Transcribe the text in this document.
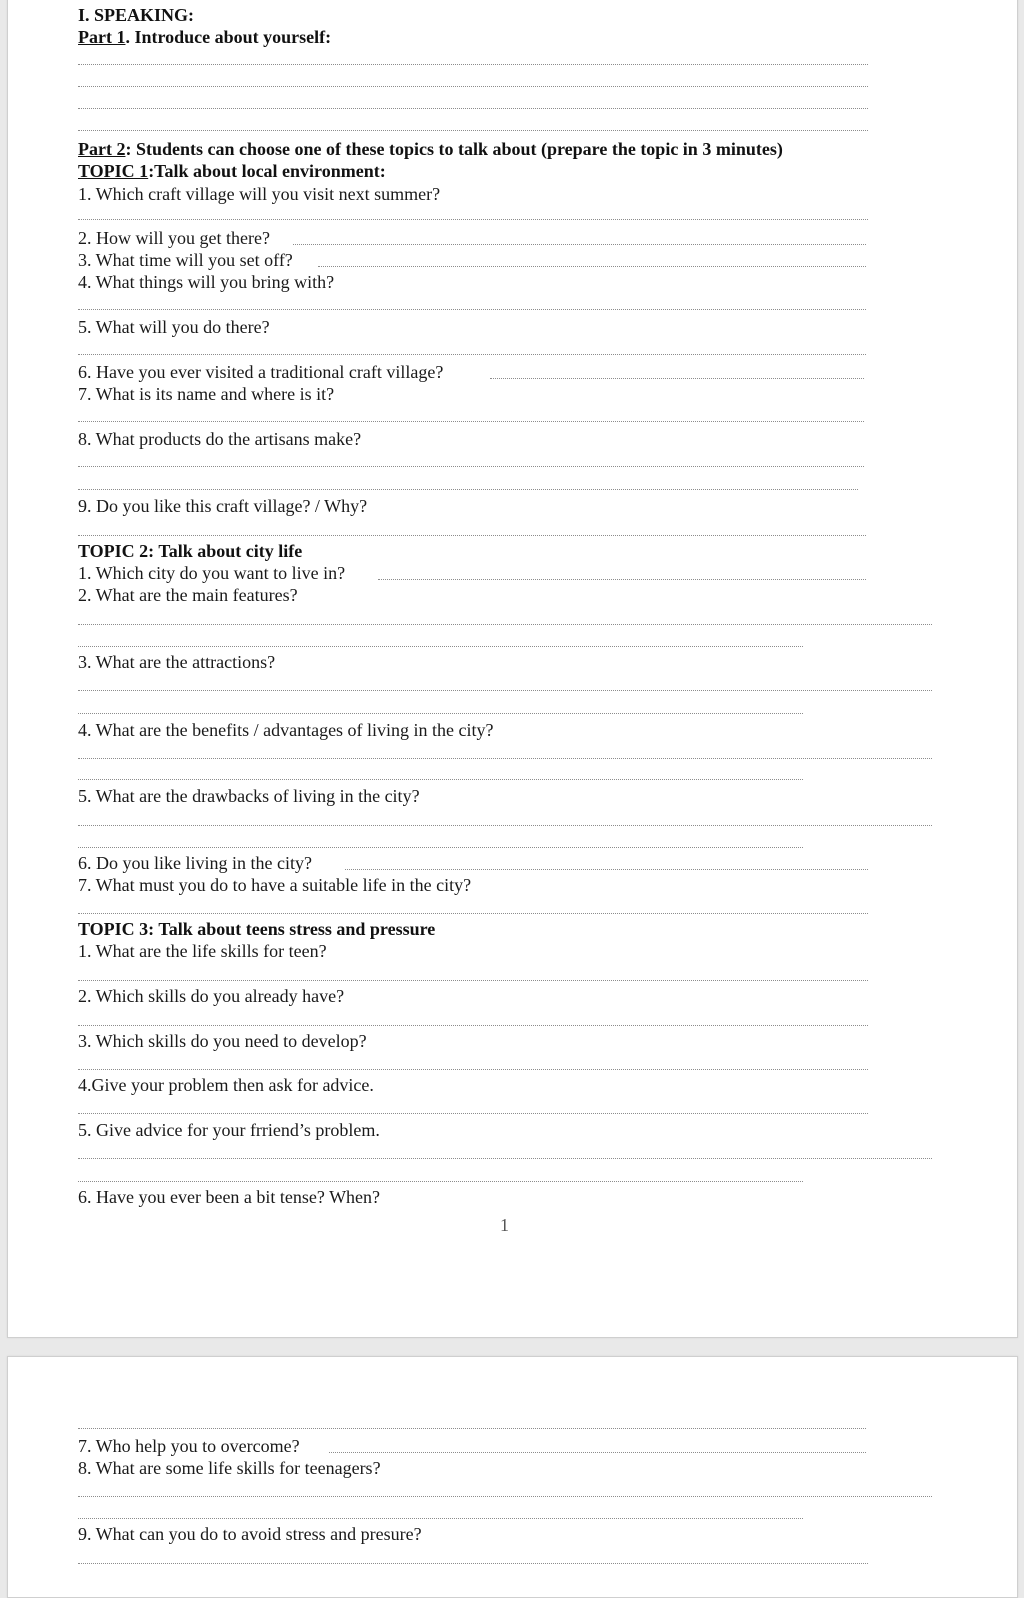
I. SPEAKING:
Part 1. Introduce about yourself:
Part 2: Students can choose one of these topics to talk about (prepare the topic in 3 minutes)
TOPIC 1:Talk about local environment:
1. Which craft village will you visit next summer?
2. How will you get there?
3. What time will you set off?
4. What things will you bring with?
5. What will you do there?
6. Have you ever visited a traditional craft village?
7. What is its name and where is it?
8. What products do the artisans make?
9. Do you like this craft village? / Why?
TOPIC 2: Talk about city life
1. Which city do you want to live in?
2. What are the main features?
3. What are the attractions?
4. What are the benefits / advantages of living in the city?
5. What are the drawbacks of living in the city?
6. Do you like living in the city?
7. What must you do to have a suitable life in the city?
TOPIC 3: Talk about teens stress and pressure
1. What are the life skills for teen?
2. Which skills do you already have?
3. Which skills do you need to develop?
4.Give your problem then ask for advice.
5. Give advice for your frriend’s problem.
6. Have you ever been a bit tense? When?
1
7. Who help you to overcome?
8. What are some life skills for teenagers?
9. What can you do to avoid stress and presure?
